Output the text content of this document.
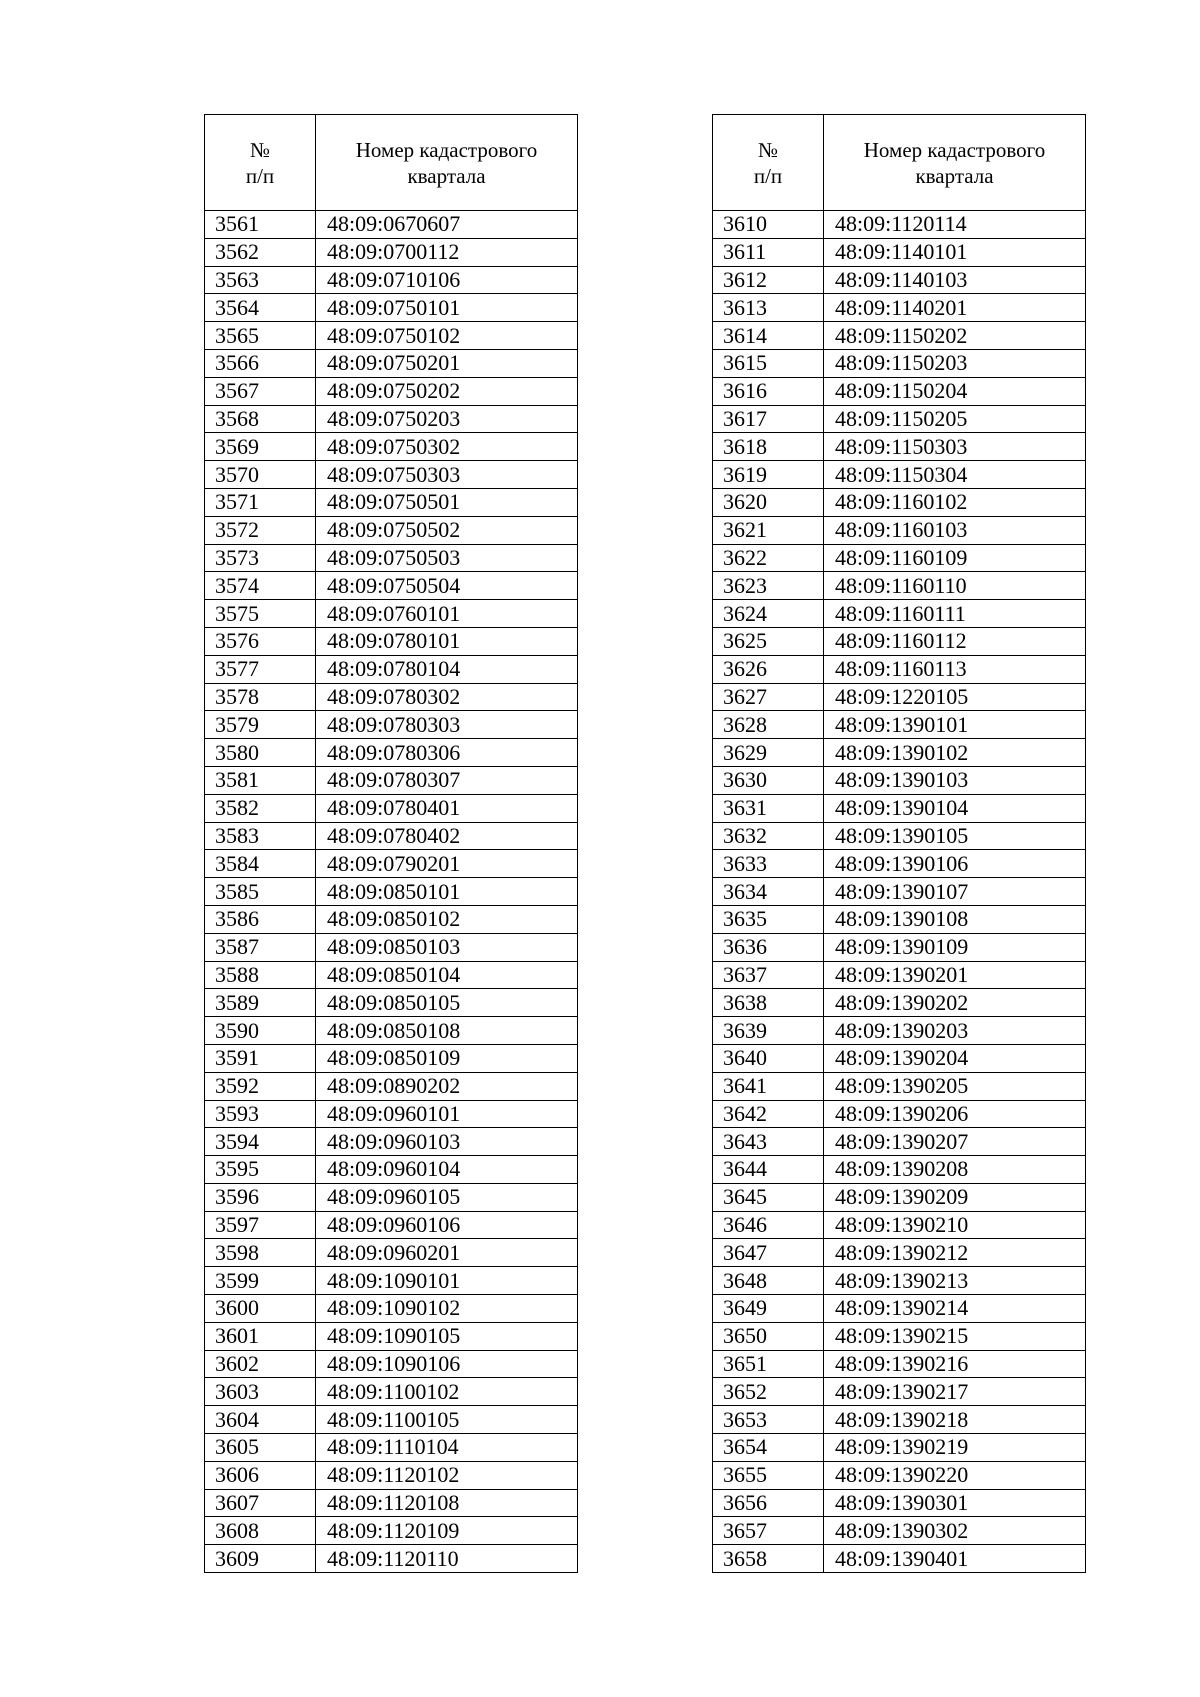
№
п/п	Номер кадастрового
квартала

3561	48:09:0670607
3562	48:09:0700112
3563	48:09:0710106
3564	48:09:0750101
3565	48:09:0750102
3566	48:09:0750201
3567	48:09:0750202
3568	48:09:0750203
3569	48:09:0750302
3570	48:09:0750303
3571	48:09:0750501
3572	48:09:0750502
3573	48:09:0750503
3574	48:09:0750504
3575	48:09:0760101
3576	48:09:0780101
3577	48:09:0780104
3578	48:09:0780302
3579	48:09:0780303
3580	48:09:0780306
3581	48:09:0780307
3582	48:09:0780401
3583	48:09:0780402
3584	48:09:0790201
3585	48:09:0850101
3586	48:09:0850102
3587	48:09:0850103
3588	48:09:0850104
3589	48:09:0850105
3590	48:09:0850108
3591	48:09:0850109
3592	48:09:0890202
3593	48:09:0960101
3594	48:09:0960103
3595	48:09:0960104
3596	48:09:0960105
3597	48:09:0960106
3598	48:09:0960201
3599	48:09:1090101
3600	48:09:1090102
3601	48:09:1090105
3602	48:09:1090106
3603	48:09:1100102
3604	48:09:1100105
3605	48:09:1110104
3606	48:09:1120102
3607	48:09:1120108
3608	48:09:1120109
3609	48:09:1120110
№
п/п	Номер кадастрового
квартала

3610	48:09:1120114
3611	48:09:1140101
3612	48:09:1140103
3613	48:09:1140201
3614	48:09:1150202
3615	48:09:1150203
3616	48:09:1150204
3617	48:09:1150205
3618	48:09:1150303
3619	48:09:1150304
3620	48:09:1160102
3621	48:09:1160103
3622	48:09:1160109
3623	48:09:1160110
3624	48:09:1160111
3625	48:09:1160112
3626	48:09:1160113
3627	48:09:1220105
3628	48:09:1390101
3629	48:09:1390102
3630	48:09:1390103
3631	48:09:1390104
3632	48:09:1390105
3633	48:09:1390106
3634	48:09:1390107
3635	48:09:1390108
3636	48:09:1390109
3637	48:09:1390201
3638	48:09:1390202
3639	48:09:1390203
3640	48:09:1390204
3641	48:09:1390205
3642	48:09:1390206
3643	48:09:1390207
3644	48:09:1390208
3645	48:09:1390209
3646	48:09:1390210
3647	48:09:1390212
3648	48:09:1390213
3649	48:09:1390214
3650	48:09:1390215
3651	48:09:1390216
3652	48:09:1390217
3653	48:09:1390218
3654	48:09:1390219
3655	48:09:1390220
3656	48:09:1390301
3657	48:09:1390302
3658	48:09:1390401
